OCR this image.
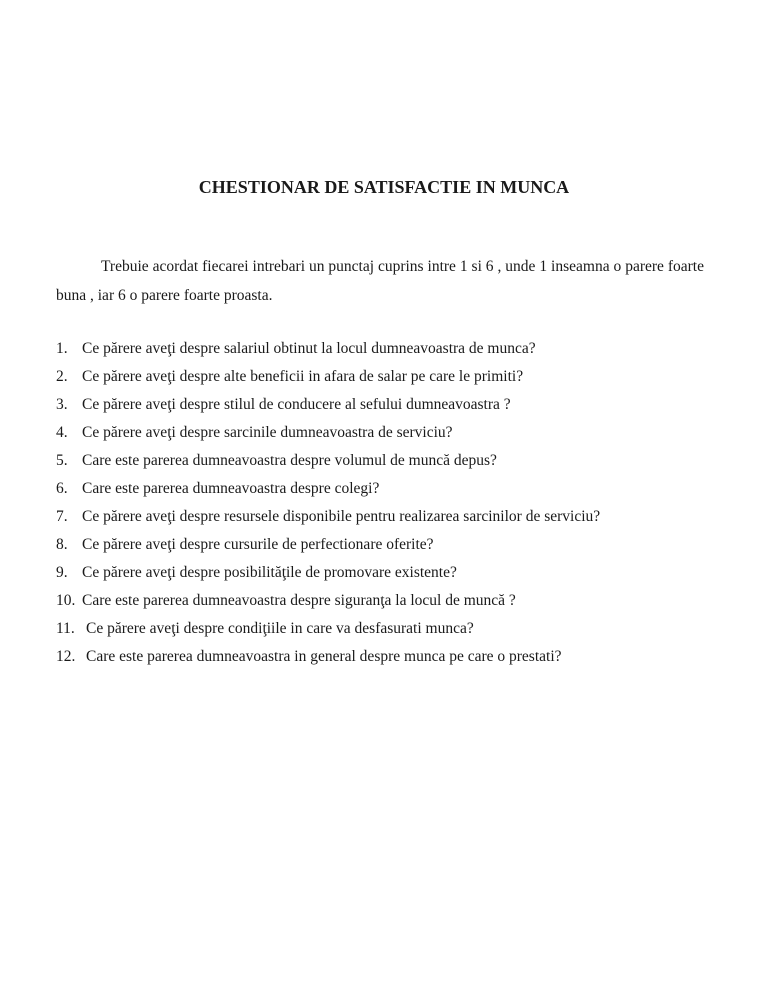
CHESTIONAR DE SATISFACTIE IN MUNCA
Trebuie acordat fiecarei intrebari un punctaj cuprins intre 1 si 6 , unde 1 inseamna o parere foarte buna , iar 6 o parere foarte proasta.
1. Ce părere aveţi despre salariul obtinut la locul dumneavoastra de munca?
2. Ce părere aveţi despre alte beneficii in afara de salar pe care le primiti?
3. Ce părere aveţi despre stilul de conducere al sefului dumneavoastra ?
4. Ce părere aveţi despre sarcinile dumneavoastra de serviciu?
5. Care este parerea dumneavoastra despre volumul de muncă depus?
6. Care este parerea dumneavoastra despre colegi?
7. Ce părere aveţi despre resursele disponibile pentru realizarea sarcinilor de serviciu?
8. Ce părere aveţi despre cursurile de perfectionare oferite?
9. Ce părere aveţi despre posibilităţile de promovare existente?
10. Care este parerea dumneavoastra despre siguranţa la locul de muncă ?
11. Ce părere aveţi despre condiţiile in care va desfasurati munca?
12. Care este parerea dumneavoastra in general despre munca pe care o prestati?
